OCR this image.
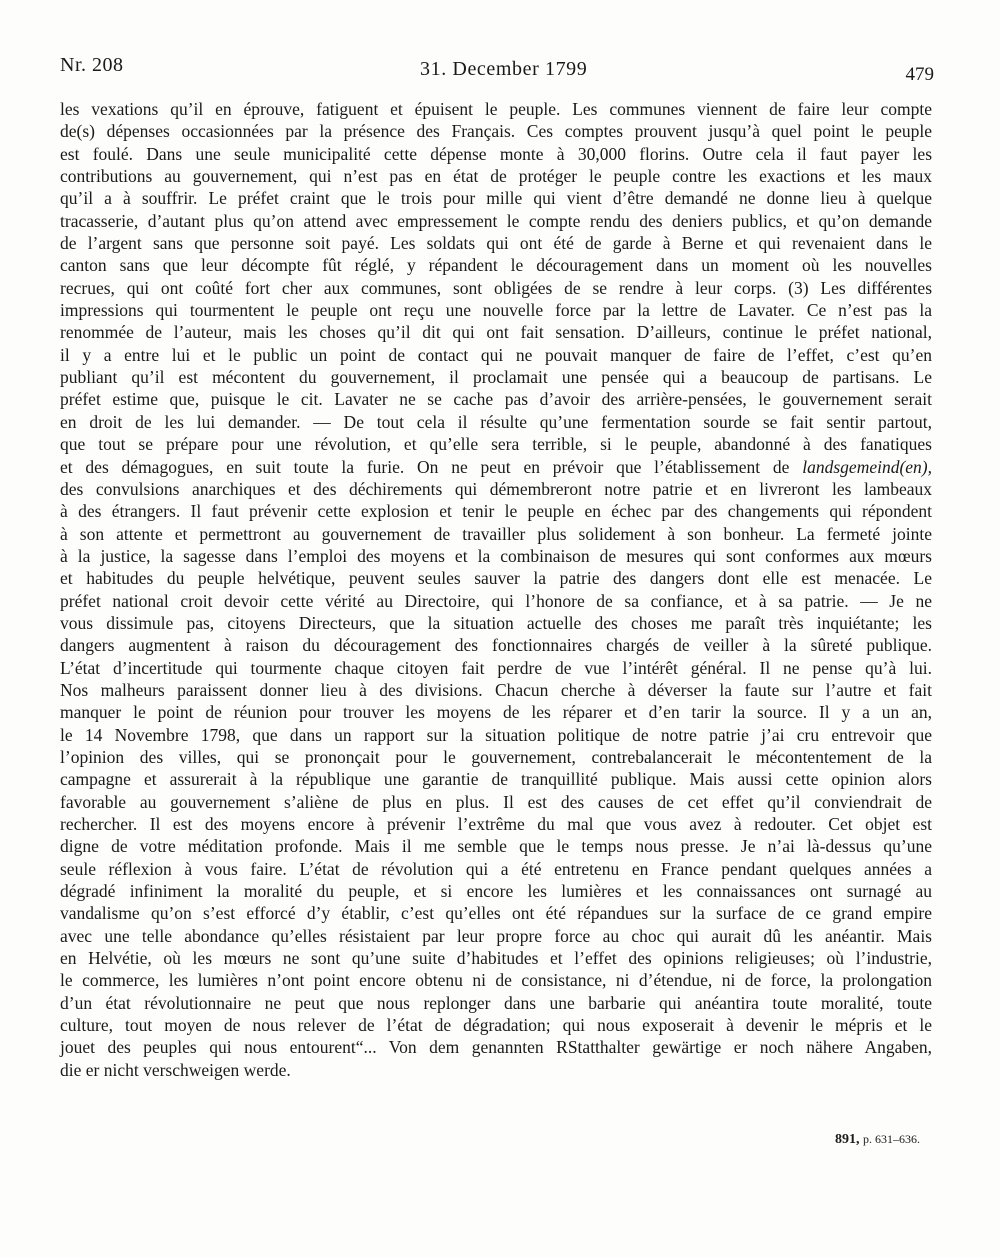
Nr. 208	31. December 1799	479
les vexations qu’il en éprouve, fatiguent et épuisent le peuple. Les communes viennent de faire leur compte
de(s) dépenses occasionnées par la présence des Français. Ces comptes prouvent jusqu’à quel point le peuple
est foulé. Dans une seule municipalité cette dépense monte à 30,000 florins. Outre cela il faut payer les
contributions au gouvernement, qui n’est pas en état de protéger le peuple contre les exactions et les maux
qu’il a à souffrir. Le préfet craint que le trois pour mille qui vient d’être demandé ne donne lieu à quelque
tracasserie, d’autant plus qu’on attend avec empressement le compte rendu des deniers publics, et qu’on demande
de l’argent sans que personne soit payé. Les soldats qui ont été de garde à Berne et qui revenaient dans le
canton sans que leur décompte fût réglé, y répandent le découragement dans un moment où les nouvelles
recrues, qui ont coûté fort cher aux communes, sont obligées de se rendre à leur corps. (3) Les différentes
impressions qui tourmentent le peuple ont reçu une nouvelle force par la lettre de Lavater. Ce n’est pas la
renommée de l’auteur, mais les choses qu’il dit qui ont fait sensation. D’ailleurs, continue le préfet national,
il y a entre lui et le public un point de contact qui ne pouvait manquer de faire de l’effet, c’est qu’en
publiant qu’il est mécontent du gouvernement, il proclamait une pensée qui a beaucoup de partisans. Le
préfet estime que, puisque le cit. Lavater ne se cache pas d’avoir des arrière-pensées, le gouvernement serait
en droit de les lui demander. — De tout cela il résulte qu’une fermentation sourde se fait sentir partout,
que tout se prépare pour une révolution, et qu’elle sera terrible, si le peuple, abandonné à des fanatiques
et des démagogues, en suit toute la furie. On ne peut en prévoir que l’établissement de landsgemeind(en),
des convulsions anarchiques et des déchirements qui démembreront notre patrie et en livreront les lambeaux
à des étrangers. Il faut prévenir cette explosion et tenir le peuple en échec par des changements qui répondent
à son attente et permettront au gouvernement de travailler plus solidement à son bonheur. La fermeté jointe
à la justice, la sagesse dans l’emploi des moyens et la combinaison de mesures qui sont conformes aux mœurs
et habitudes du peuple helvétique, peuvent seules sauver la patrie des dangers dont elle est menacée. Le
préfet national croit devoir cette vérité au Directoire, qui l’honore de sa confiance, et à sa patrie. — Je ne
vous dissimule pas, citoyens Directeurs, que la situation actuelle des choses me paraît très inquiétante; les
dangers augmentent à raison du découragement des fonctionnaires chargés de veiller à la sûreté publique.
L’état d’incertitude qui tourmente chaque citoyen fait perdre de vue l’intérêt général. Il ne pense qu’à lui.
Nos malheurs paraissent donner lieu à des divisions. Chacun cherche à déverser la faute sur l’autre et fait
manquer le point de réunion pour trouver les moyens de les réparer et d’en tarir la source. Il y a un an,
le 14 Novembre 1798, que dans un rapport sur la situation politique de notre patrie j’ai cru entrevoir que
l’opinion des villes, qui se prononçait pour le gouvernement, contrebalancerait le mécontentement de la
campagne et assurerait à la république une garantie de tranquillité publique. Mais aussi cette opinion alors
favorable au gouvernement s’aliène de plus en plus. Il est des causes de cet effet qu’il conviendrait de
rechercher. Il est des moyens encore à prévenir l’extrême du mal que vous avez à redouter. Cet objet est
digne de votre méditation profonde. Mais il me semble que le temps nous presse. Je n’ai là-dessus qu’une
seule réflexion à vous faire. L’état de révolution qui a été entretenu en France pendant quelques années a
dégradé infiniment la moralité du peuple, et si encore les lumières et les connaissances ont surnagé au
vandalisme qu’on s’est efforcé d’y établir, c’est qu’elles ont été répandues sur la surface de ce grand empire
avec une telle abondance qu’elles résistaient par leur propre force au choc qui aurait dû les anéantir. Mais
en Helvétie, où les mœurs ne sont qu’une suite d’habitudes et l’effet des opinions religieuses; où l’industrie,
le commerce, les lumières n’ont point encore obtenu ni de consistance, ni d’étendue, ni de force, la prolongation
d’un état révolutionnaire ne peut que nous replonger dans une barbarie qui anéantira toute moralité, toute
culture, tout moyen de nous relever de l’état de dégradation; qui nous exposerait à devenir le mépris et le
jouet des peuples qui nous entourent“... Von dem genannten RStatthalter gewärtige er noch nähere Angaben,
die er nicht verschweigen werde.
891, p. 631–636.
